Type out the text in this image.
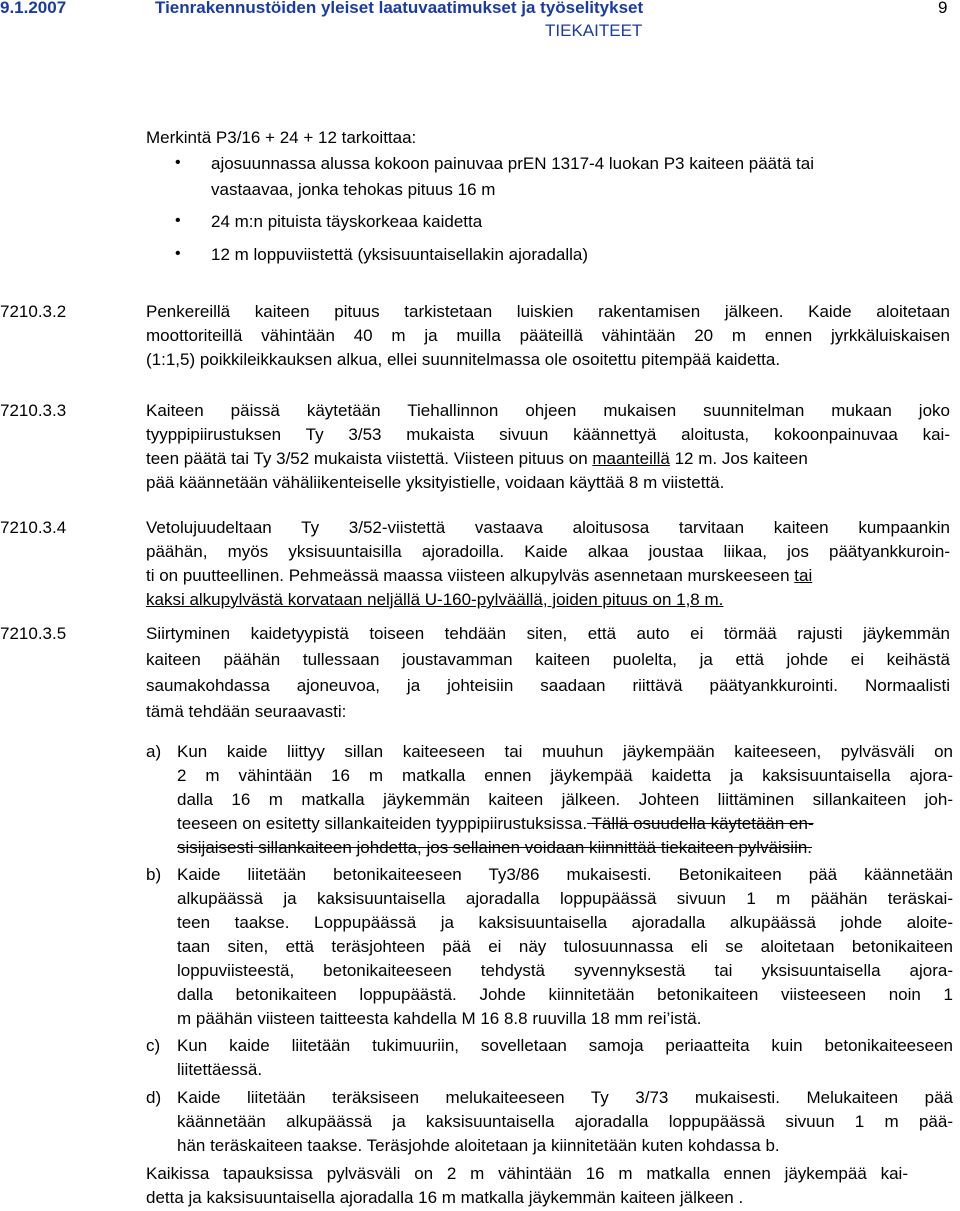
9.1.2007	Tienrakennustöiden yleiset laatuvaatimukset ja työselitykset	9
TIEKAITEET
Merkintä P3/16 + 24 + 12 tarkoittaa:
• ajosuunnassa alussa kokoon painuvaa prEN 1317-4 luokan P3 kaiteen päätä tai
vastaavaa, jonka tehokas pituus 16 m
• 24 m:n pituista täyskorkeaa kaidetta
• 12 m loppuviistettä (yksisuuntaisellakin ajoradalla)
7210.3.2	Penkereillä kaiteen pituus tarkistetaan luiskien rakentamisen jälkeen. Kaide aloitetaan
moottoriteillä vähintään 40 m ja muilla pääteillä vähintään 20 m ennen jyrkkäluiskaisen
(1:1,5) poikkileikkauksen alkua, ellei suunnitelmassa ole osoitettu pitempää kaidetta.
7210.3.3	Kaiteen päissä käytetään Tiehallinnon ohjeen mukaisen suunnitelman mukaan joko
tyyppipiirustuksen Ty 3/53 mukaista sivuun käännettyä aloitusta, kokoonpainuvaa kai-
teen päätä tai Ty 3/52 mukaista viistettä. Viisteen pituus on maanteillä 12 m. Jos kaiteen
pää käännetään vähäliikenteiselle yksityistielle, voidaan käyttää 8 m viistettä.
7210.3.4	Vetolujuudeltaan Ty 3/52-viistettä vastaava aloitusosa tarvitaan kaiteen kumpaankin
päähän, myös yksisuuntaisilla ajoradoilla. Kaide alkaa joustaa liikaa, jos päätyankkuroin-
ti on puutteellinen. Pehmeässä maassa viisteen alkupylväs asennetaan murskeeseen tai
kaksi alkupylvästä korvataan neljällä U-160-pylväällä, joiden pituus on 1,8 m.
7210.3.5	Siirtyminen kaidetyypistä toiseen tehdään siten, että auto ei törmää rajusti jäykemmän
kaiteen päähän tullessaan joustavamman kaiteen puolelta, ja että johde ei keihästä
saumakohdassa ajoneuvoa, ja johteisiin saadaan riittävä päätyankkurointi. Normaalisti
tämä tehdään seuraavasti:
a) Kun kaide liittyy sillan kaiteeseen tai muuhun jäykempään kaiteeseen, pylväsväli on
2 m vähintään 16 m matkalla ennen jäykempää kaidetta ja kaksisuuntaisella ajora-
dalla 16 m matkalla jäykemmän kaiteen jälkeen. Johteen liittäminen sillankaiteen joh-
teeseen on esitetty sillankaiteiden tyyppipiirustuksissa. Tällä osuudella käytetään en-
sisijaisesti sillankaiteen johdetta, jos sellainen voidaan kiinnittää tiekaiteen pylväisiin.
b) Kaide liitetään betonikaiteeseen Ty3/86 mukaisesti. Betonikaiteen pää käännetään
alkupäässä ja kaksisuuntaisella ajoradalla loppupäässä sivuun 1 m päähän teräskai-
teen taakse. Loppupäässä ja kaksisuuntaisella ajoradalla alkupäässä johde aloite-
taan siten, että teräsjohteen pää ei näy tulosuunnassa eli se aloitetaan betonikaiteen
loppuviisteestä, betonikaiteeseen tehdystä syvennyksestä tai yksisuuntaisella ajora-
dalla betonikaiteen loppupäästä. Johde kiinnitetään betonikaiteen viisteeseen noin 1
m päähän viisteen taitteesta kahdella M 16 8.8 ruuvilla 18 mm rei’istä.
c) Kun kaide liitetään tukimuuriin, sovelletaan samoja periaatteita kuin betonikaiteeseen
liitettäessä.
d) Kaide liitetään teräksiseen melukaiteeseen Ty 3/73 mukaisesti. Melukaiteen pää
käännetään alkupäässä ja kaksisuuntaisella ajoradalla loppupäässä sivuun 1 m pää-
hän teräskaiteen taakse. Teräsjohde aloitetaan ja kiinnitetään kuten kohdassa b.
Kaikissa tapauksissa pylväsväli on 2 m vähintään 16 m matkalla ennen jäykempää kai-
detta ja kaksisuuntaisella ajoradalla 16 m matkalla jäykemmän kaiteen jälkeen .
